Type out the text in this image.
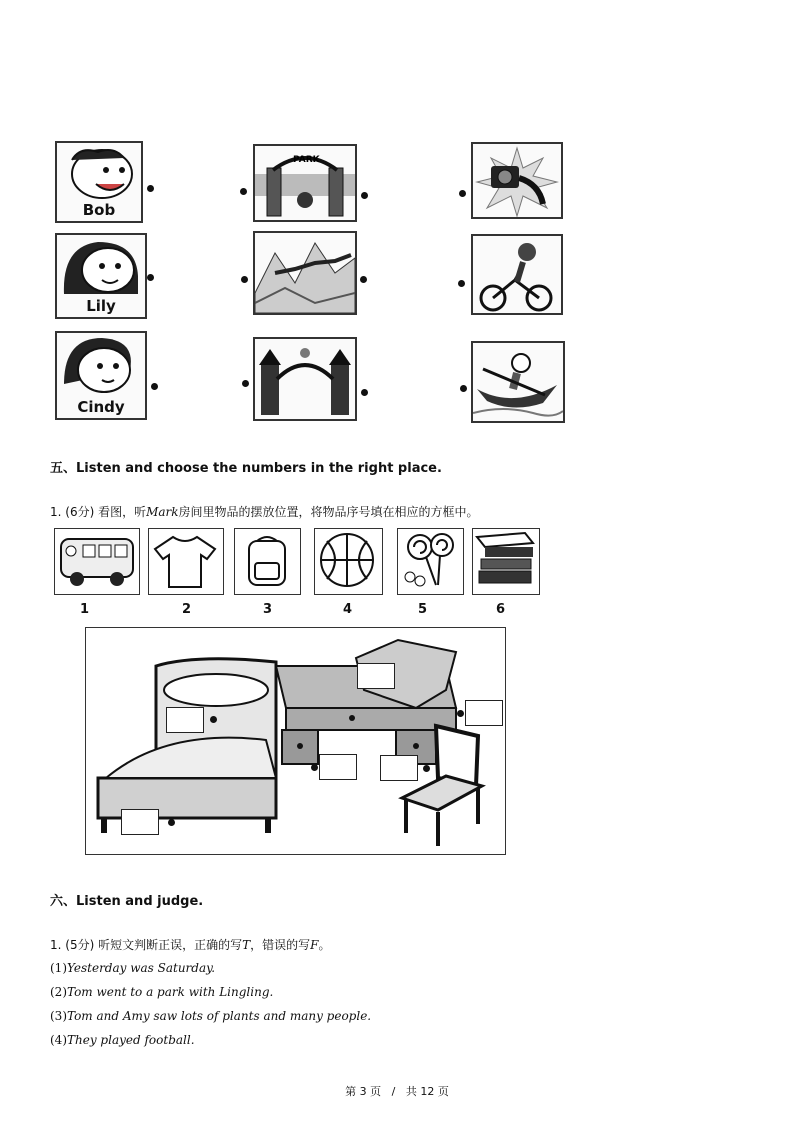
Bob
Lily
Cindy
PARK
五、Listen and choose the numbers in the right place.
1. (6分) 看图，听Mark房间里物品的摆放位置，将物品序号填在相应的方框中。
1	2	3	4	5	6
六、Listen and judge.
1. (5分) 听短文判断正误，正确的写T，错误的写F。
(1)Yesterday was Saturday.
(2)Tom went to a park with Lingling.
(3)Tom and Amy saw lots of plants and many people.
(4)They played football.
第 3 页 / 共 12 页
